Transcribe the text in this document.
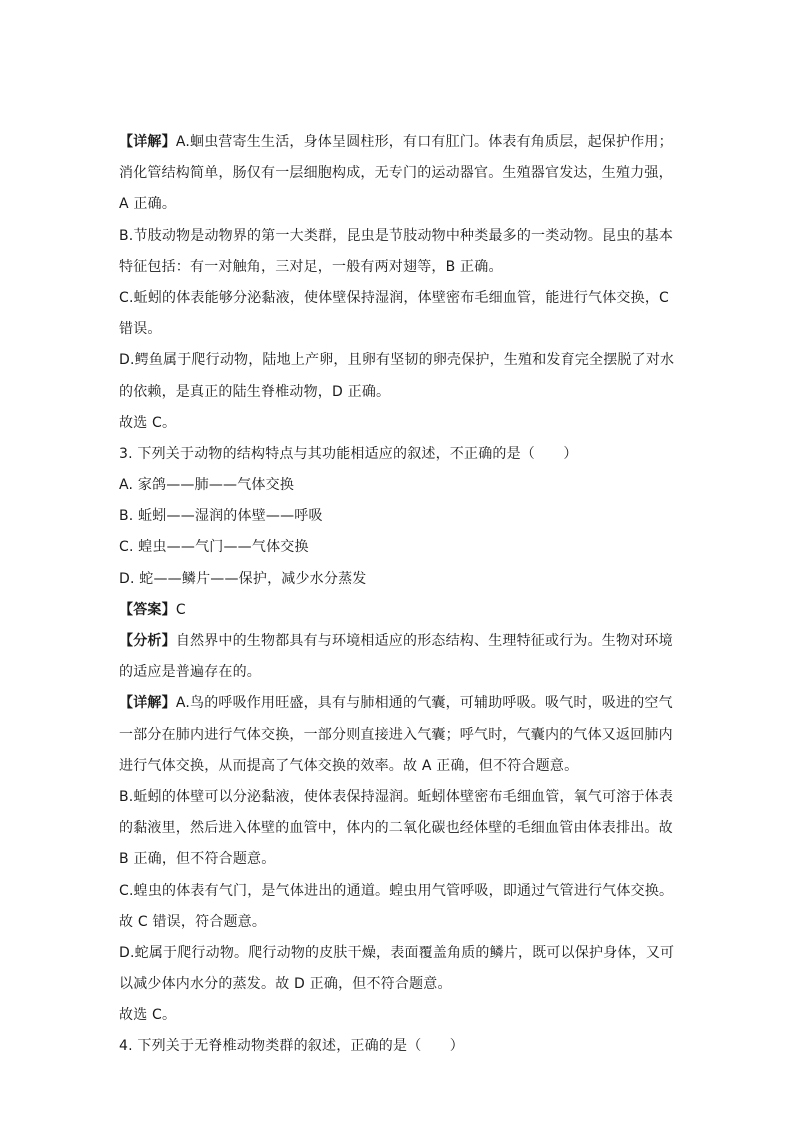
【详解】A.蛔虫营寄生生活，身体呈圆柱形，有口有肛门。体表有角质层，起保护作用；
消化管结构简单，肠仅有一层细胞构成，无专门的运动器官。生殖器官发达，生殖力强，
A 正确。
B.节肢动物是动物界的第一大类群，昆虫是节肢动物中种类最多的一类动物。昆虫的基本
特征包括：有一对触角，三对足，一般有两对翅等，B 正确。
C.蚯蚓的体表能够分泌黏液，使体壁保持湿润，体壁密布毛细血管，能进行气体交换，C
错误。
D.鳄鱼属于爬行动物，陆地上产卵，且卵有坚韧的卵壳保护，生殖和发育完全摆脱了对水
的依赖，是真正的陆生脊椎动物，D 正确。
故选 C。
3. 下列关于动物的结构特点与其功能相适应的叙述，不正确的是（　　）
A. 家鸽——肺——气体交换
B. 蚯蚓——湿润的体壁——呼吸
C. 蝗虫——气门——气体交换
D. 蛇——鳞片——保护，减少水分蒸发
【答案】C
【分析】自然界中的生物都具有与环境相适应的形态结构、生理特征或行为。生物对环境
的适应是普遍存在的。
【详解】A.鸟的呼吸作用旺盛，具有与肺相通的气囊，可辅助呼吸。吸气时，吸进的空气
一部分在肺内进行气体交换，一部分则直接进入气囊；呼气时，气囊内的气体又返回肺内
进行气体交换，从而提高了气体交换的效率。故 A 正确，但不符合题意。
B.蚯蚓的体壁可以分泌黏液，使体表保持湿润。蚯蚓体壁密布毛细血管，氧气可溶于体表
的黏液里，然后进入体壁的血管中，体内的二氧化碳也经体壁的毛细血管由体表排出。故
B 正确，但不符合题意。
C.蝗虫的体表有气门，是气体进出的通道。蝗虫用气管呼吸，即通过气管进行气体交换。
故 C 错误，符合题意。
D.蛇属于爬行动物。爬行动物的皮肤干燥，表面覆盖角质的鳞片，既可以保护身体，又可
以减少体内水分的蒸发。故 D 正确，但不符合题意。
故选 C。
4. 下列关于无脊椎动物类群的叙述，正确的是（　　）
